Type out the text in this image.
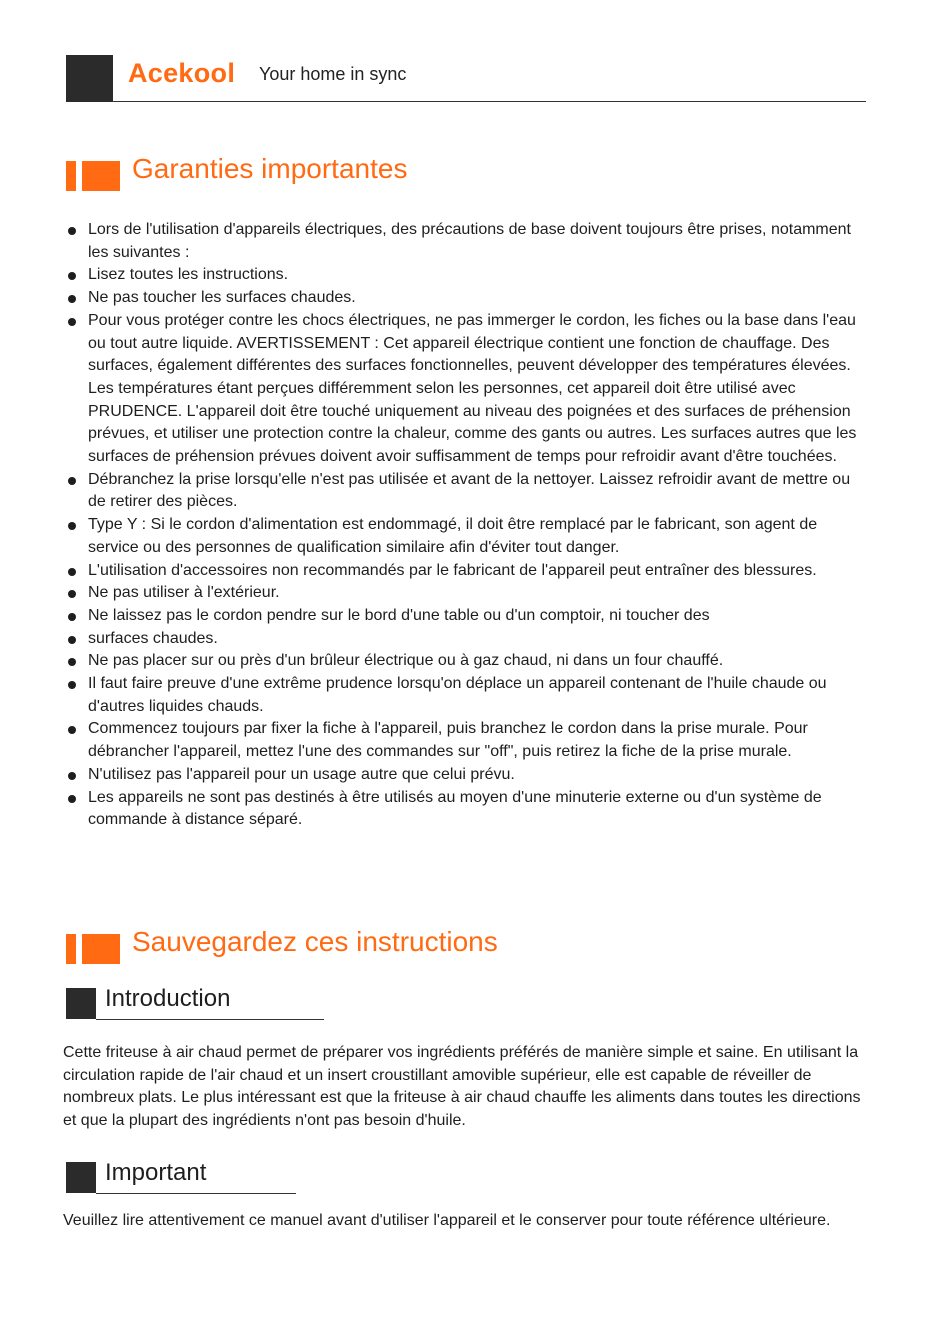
Acekool Your home in sync
Garanties importantes
Lors de l'utilisation d'appareils électriques, des précautions de base doivent toujours être prises, notamment les suivantes :
Lisez toutes les instructions.
Ne pas toucher les surfaces chaudes.
Pour vous protéger contre les chocs électriques, ne pas immerger le cordon, les fiches ou la base dans l'eau ou tout autre liquide. AVERTISSEMENT : Cet appareil électrique contient une fonction de chauffage. Des surfaces, également différentes des surfaces fonctionnelles, peuvent développer des températures élevées. Les températures étant perçues différemment selon les personnes, cet appareil doit être utilisé avec PRUDENCE. L'appareil doit être touché uniquement au niveau des poignées et des surfaces de préhension prévues, et utiliser une protection contre la chaleur, comme des gants ou autres. Les surfaces autres que les surfaces de préhension prévues doivent avoir suffisamment de temps pour refroidir avant d'être touchées.
Débranchez la prise lorsqu'elle n'est pas utilisée et avant de la nettoyer. Laissez refroidir avant de mettre ou de retirer des pièces.
Type Y : Si le cordon d'alimentation est endommagé, il doit être remplacé par le fabricant, son agent de service ou des personnes de qualification similaire afin d'éviter tout danger.
L'utilisation d'accessoires non recommandés par le fabricant de l'appareil peut entraîner des blessures.
Ne pas utiliser à l'extérieur.
Ne laissez pas le cordon pendre sur le bord d'une table ou d'un comptoir, ni toucher des
surfaces chaudes.
Ne pas placer sur ou près d'un brûleur électrique ou à gaz chaud, ni dans un four chauffé.
Il faut faire preuve d'une extrême prudence lorsqu'on déplace un appareil contenant de l'huile chaude ou d'autres liquides chauds.
Commencez toujours par fixer la fiche à l'appareil, puis branchez le cordon dans la prise murale. Pour débrancher l'appareil, mettez l'une des commandes sur "off", puis retirez la fiche de la prise murale.
N'utilisez pas l'appareil pour un usage autre que celui prévu.
Les appareils ne sont pas destinés à être utilisés au moyen d'une minuterie externe ou d'un système de commande à distance séparé.
Sauvegardez ces instructions
Introduction

Cette friteuse à air chaud permet de préparer vos ingrédients préférés de manière simple et saine. En utilisant la circulation rapide de l'air chaud et un insert croustillant amovible supérieur, elle est capable de réveiller de nombreux plats. Le plus intéressant est que la friteuse à air chaud chauffe les aliments dans toutes les directions et que la plupart des ingrédients n'ont pas besoin d'huile.

Important

Veuillez lire attentivement ce manuel avant d'utiliser l'appareil et le conserver pour toute référence ultérieure.
